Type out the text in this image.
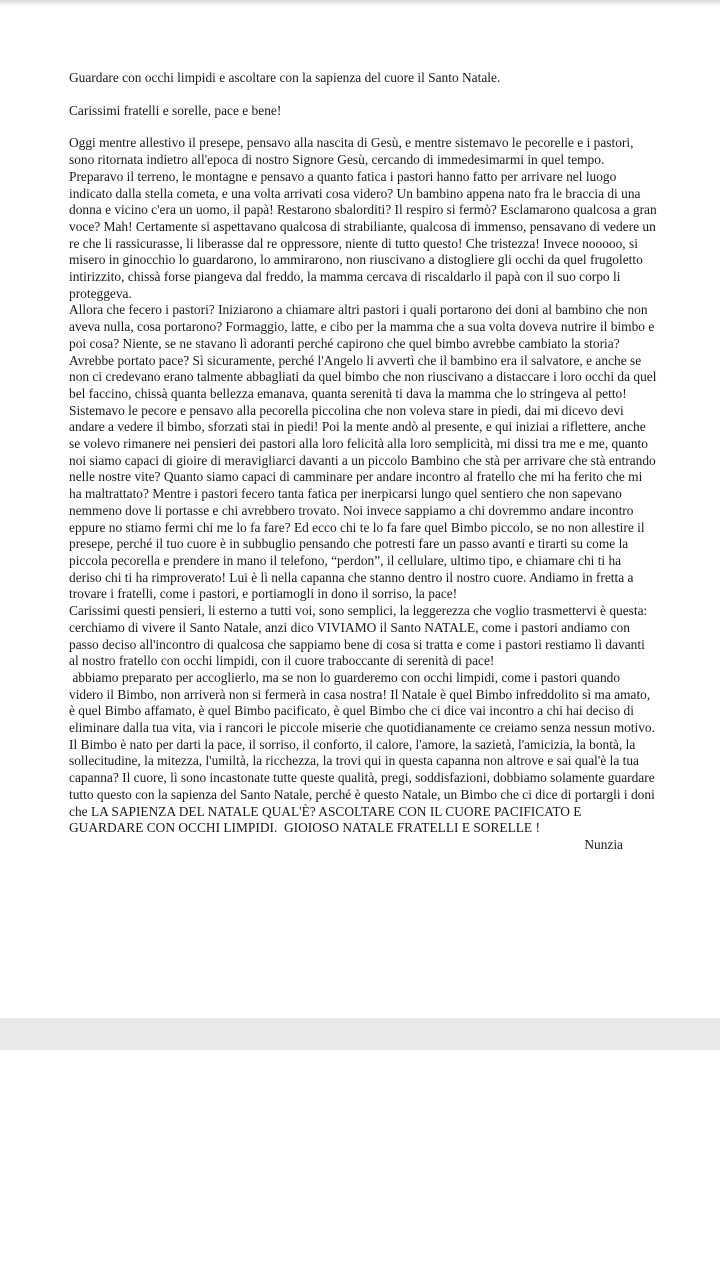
Guardare con occhi limpidi e ascoltare con la sapienza del cuore il Santo Natale.

Carissimi fratelli e sorelle, pace e bene!

Oggi mentre allestivo il presepe, pensavo alla nascita di Gesù, e mentre sistemavo le pecorelle e i pastori, sono ritornata indietro all'epoca di nostro Signore Gesù, cercando di immedesimarmi in quel tempo. Preparavo il terreno, le montagne e pensavo a quanto fatica i pastori hanno fatto per arrivare nel luogo indicato dalla stella cometa, e una volta arrivati cosa videro? Un bambino appena nato fra le braccia di una donna e vicino c'era un uomo, il papà! Restarono sbalorditi? Il respiro si fermò? Esclamarono qualcosa a gran voce? Mah! Certamente si aspettavano qualcosa di strabiliante, qualcosa di immenso, pensavano di vedere un re che li rassicurasse, li liberasse dal re oppressore, niente di tutto questo! Che tristezza! Invece nooooo, si misero in ginocchio lo guardarono, lo ammirarono, non riuscivano a distogliere gli occhi da quel frugoletto intirizzito, chissà forse piangeva dal freddo, la mamma cercava di riscaldarlo il papà con il suo corpo li proteggeva.

Allora che fecero i pastori? Iniziarono a chiamare altri pastori i quali portarono dei doni al bambino che non aveva nulla, cosa portarono? Formaggio, latte, e cibo per la mamma che a sua volta doveva nutrire il bimbo e poi cosa? Niente, se ne stavano lì adoranti perché capirono che quel bimbo avrebbe cambiato la storia? Avrebbe portato pace? Sì sicuramente, perché l'Angelo li avvertì che il bambino era il salvatore, e anche se non ci credevano erano talmente abbagliati da quel bimbo che non riuscivano a distaccare i loro occhi da quel bel faccino, chissà quanta bellezza emanava, quanta serenità ti dava la mamma che lo stringeva al petto! Sistemavo le pecore e pensavo alla pecorella piccolina che non voleva stare in piedi, dai mi dicevo devi andare a vedere il bimbo, sforzati stai in piedi! Poi la mente andò al presente, e qui iniziai a riflettere, anche se volevo rimanere nei pensieri dei pastori alla loro felicità alla loro semplicità, mi dissi tra me e me, quanto noi siamo capaci di gioire di meravigliarci davanti a un piccolo Bambino che stà per arrivare che stà entrando nelle nostre vite? Quanto siamo capaci di camminare per andare incontro al fratello che mi ha ferito che mi ha maltrattato? Mentre i pastori fecero tanta fatica per inerpicarsi lungo quel sentiero che non sapevano nemmeno dove li portasse e chi avrebbero trovato. Noi invece sappiamo a chi dovremmo andare incontro eppure no stiamo fermi chi me lo fa fare? Ed ecco chi te lo fa fare quel Bimbo piccolo, se no non allestire il presepe, perché il tuo cuore è in subbuglio pensando che potresti fare un passo avanti e tirarti su come la piccola pecorella e prendere in mano il telefono, “perdon”, il cellulare, ultimo tipo, e chiamare chi ti ha deriso chi ti ha rimproverato! Lui è lì nella capanna che stanno dentro il nostro cuore. Andiamo in fretta a trovare i fratelli, come i pastori, e portiamogli in dono il sorriso, la pace!

Carissimi questi pensieri, li esterno a tutti voi, sono semplici, la leggerezza che voglio trasmettervi è questa: cerchiamo di vivere il Santo Natale, anzi dico VIVIAMO il Santo NATALE, come i pastori andiamo con passo deciso all'incontro di qualcosa che sappiamo bene di cosa si tratta e come i pastori restiamo lì davanti al nostro fratello con occhi limpidi, con il cuore traboccante di serenità di pace!

abbiamo preparato per accoglierlo, ma se non lo guarderemo con occhi limpidi, come i pastori quando videro il Bimbo, non arriverà non si fermerà in casa nostra! Il Natale è quel Bimbo infreddolito sì ma amato, è quel Bimbo affamato, è quel Bimbo pacificato, è quel Bimbo che ci dice vai incontro a chi hai deciso di eliminare dalla tua vita, via i rancori le piccole miserie che quotidianamente ce creiamo senza nessun motivo. Il Bimbo è nato per darti la pace, il sorriso, il conforto, il calore, l'amore, la sazietà, l'amicizia, la bontà, la sollecitudine, la mitezza, l'umiltà, la ricchezza, la trovi qui in questa capanna non altrove e sai qual'è la tua capanna? Il cuore, lì sono incastonate tutte queste qualità, pregi, soddisfazioni, dobbiamo solamente guardare tutto questo con la sapienza del Santo Natale, perché è questo Natale, un Bimbo che ci dice di portargli i doni che LA SAPIENZA DEL NATALE QUAL'È? ASCOLTARE CON IL CUORE PACIFICATO E GUARDARE CON OCCHI LIMPIDI.  GIOIOSO NATALE FRATELLI E SORELLE !

Nunzia
